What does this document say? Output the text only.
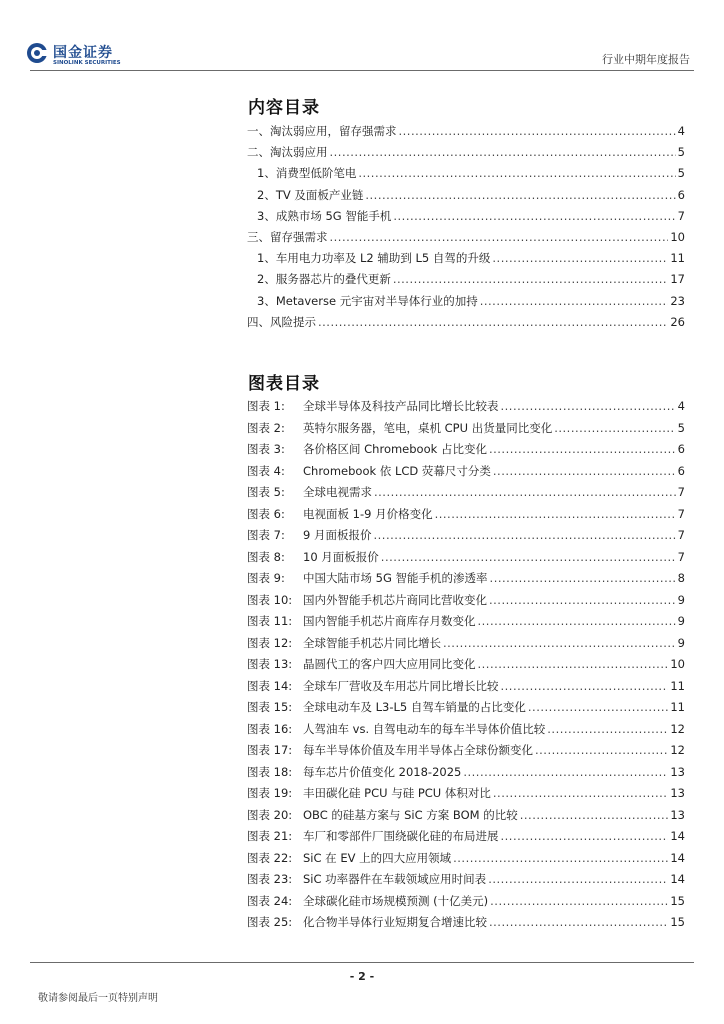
国金证券
SINOLINK SECURITIES	行业中期年度报告
内容目录
一、淘汰弱应用，留存强需求 .....	4
二、淘汰弱应用 .....	5
1、消费型低阶笔电 .....	5
2、TV 及面板产业链 .....	6
3、成熟市场 5G 智能手机 .....	7
三、留存强需求 .....	10
1、车用电力功率及 L2 辅助到 L5 自驾的升级 .....	11
2、服务器芯片的叠代更新 .....	17
3、Metaverse 元宇宙对半导体行业的加持 .....	23
四、风险提示 .....	26
图表目录
图表 1:	全球半导体及科技产品同比增长比较表 .....	4
图表 2:	英特尔服务器，笔电，桌机 CPU 出货量同比变化 .....	5
图表 3:	各价格区间 Chromebook 占比变化 .....	6
图表 4:	Chromebook 依 LCD 荧幕尺寸分类 .....	6
图表 5:	全球电视需求 .....	7
图表 6:	电视面板 1-9 月价格变化 .....	7
图表 7:	9 月面板报价 .....	7
图表 8:	10 月面板报价 .....	7
图表 9:	中国大陆市场 5G 智能手机的渗透率 .....	8
图表 10: 国内外智能手机芯片商同比营收变化 .....	9
图表 11: 国内智能手机芯片商库存月数变化 .....	9
图表 12: 全球智能手机芯片同比增长 .....	9
图表 13: 晶圆代工的客户四大应用同比变化 .....	10
图表 14: 全球车厂营收及车用芯片同比增长比较 .....	11
图表 15: 全球电动车及 L3-L5 自驾车销量的占比变化 .....	11
图表 16: 人驾油车 vs. 自驾电动车的每车半导体价值比较 .....	12
图表 17: 每车半导体价值及车用半导体占全球份额变化 .....	12
图表 18: 每车芯片价值变化 2018-2025 .....	13
图表 19: 丰田碳化硅 PCU 与硅 PCU 体积对比 .....	13
图表 20: OBC 的硅基方案与 SiC 方案 BOM 的比较 .....	13
图表 21: 车厂和零部件厂围绕碳化硅的布局进展 .....	14
图表 22: SiC 在 EV 上的四大应用领域 .....	14
图表 23: SiC 功率器件在车载领域应用时间表 .....	14
图表 24: 全球碳化硅市场规模预测 (十亿美元) .....	15
图表 25: 化合物半导体行业短期复合增速比较 .....	15
- 2 -
敬请参阅最后一页特别声明
